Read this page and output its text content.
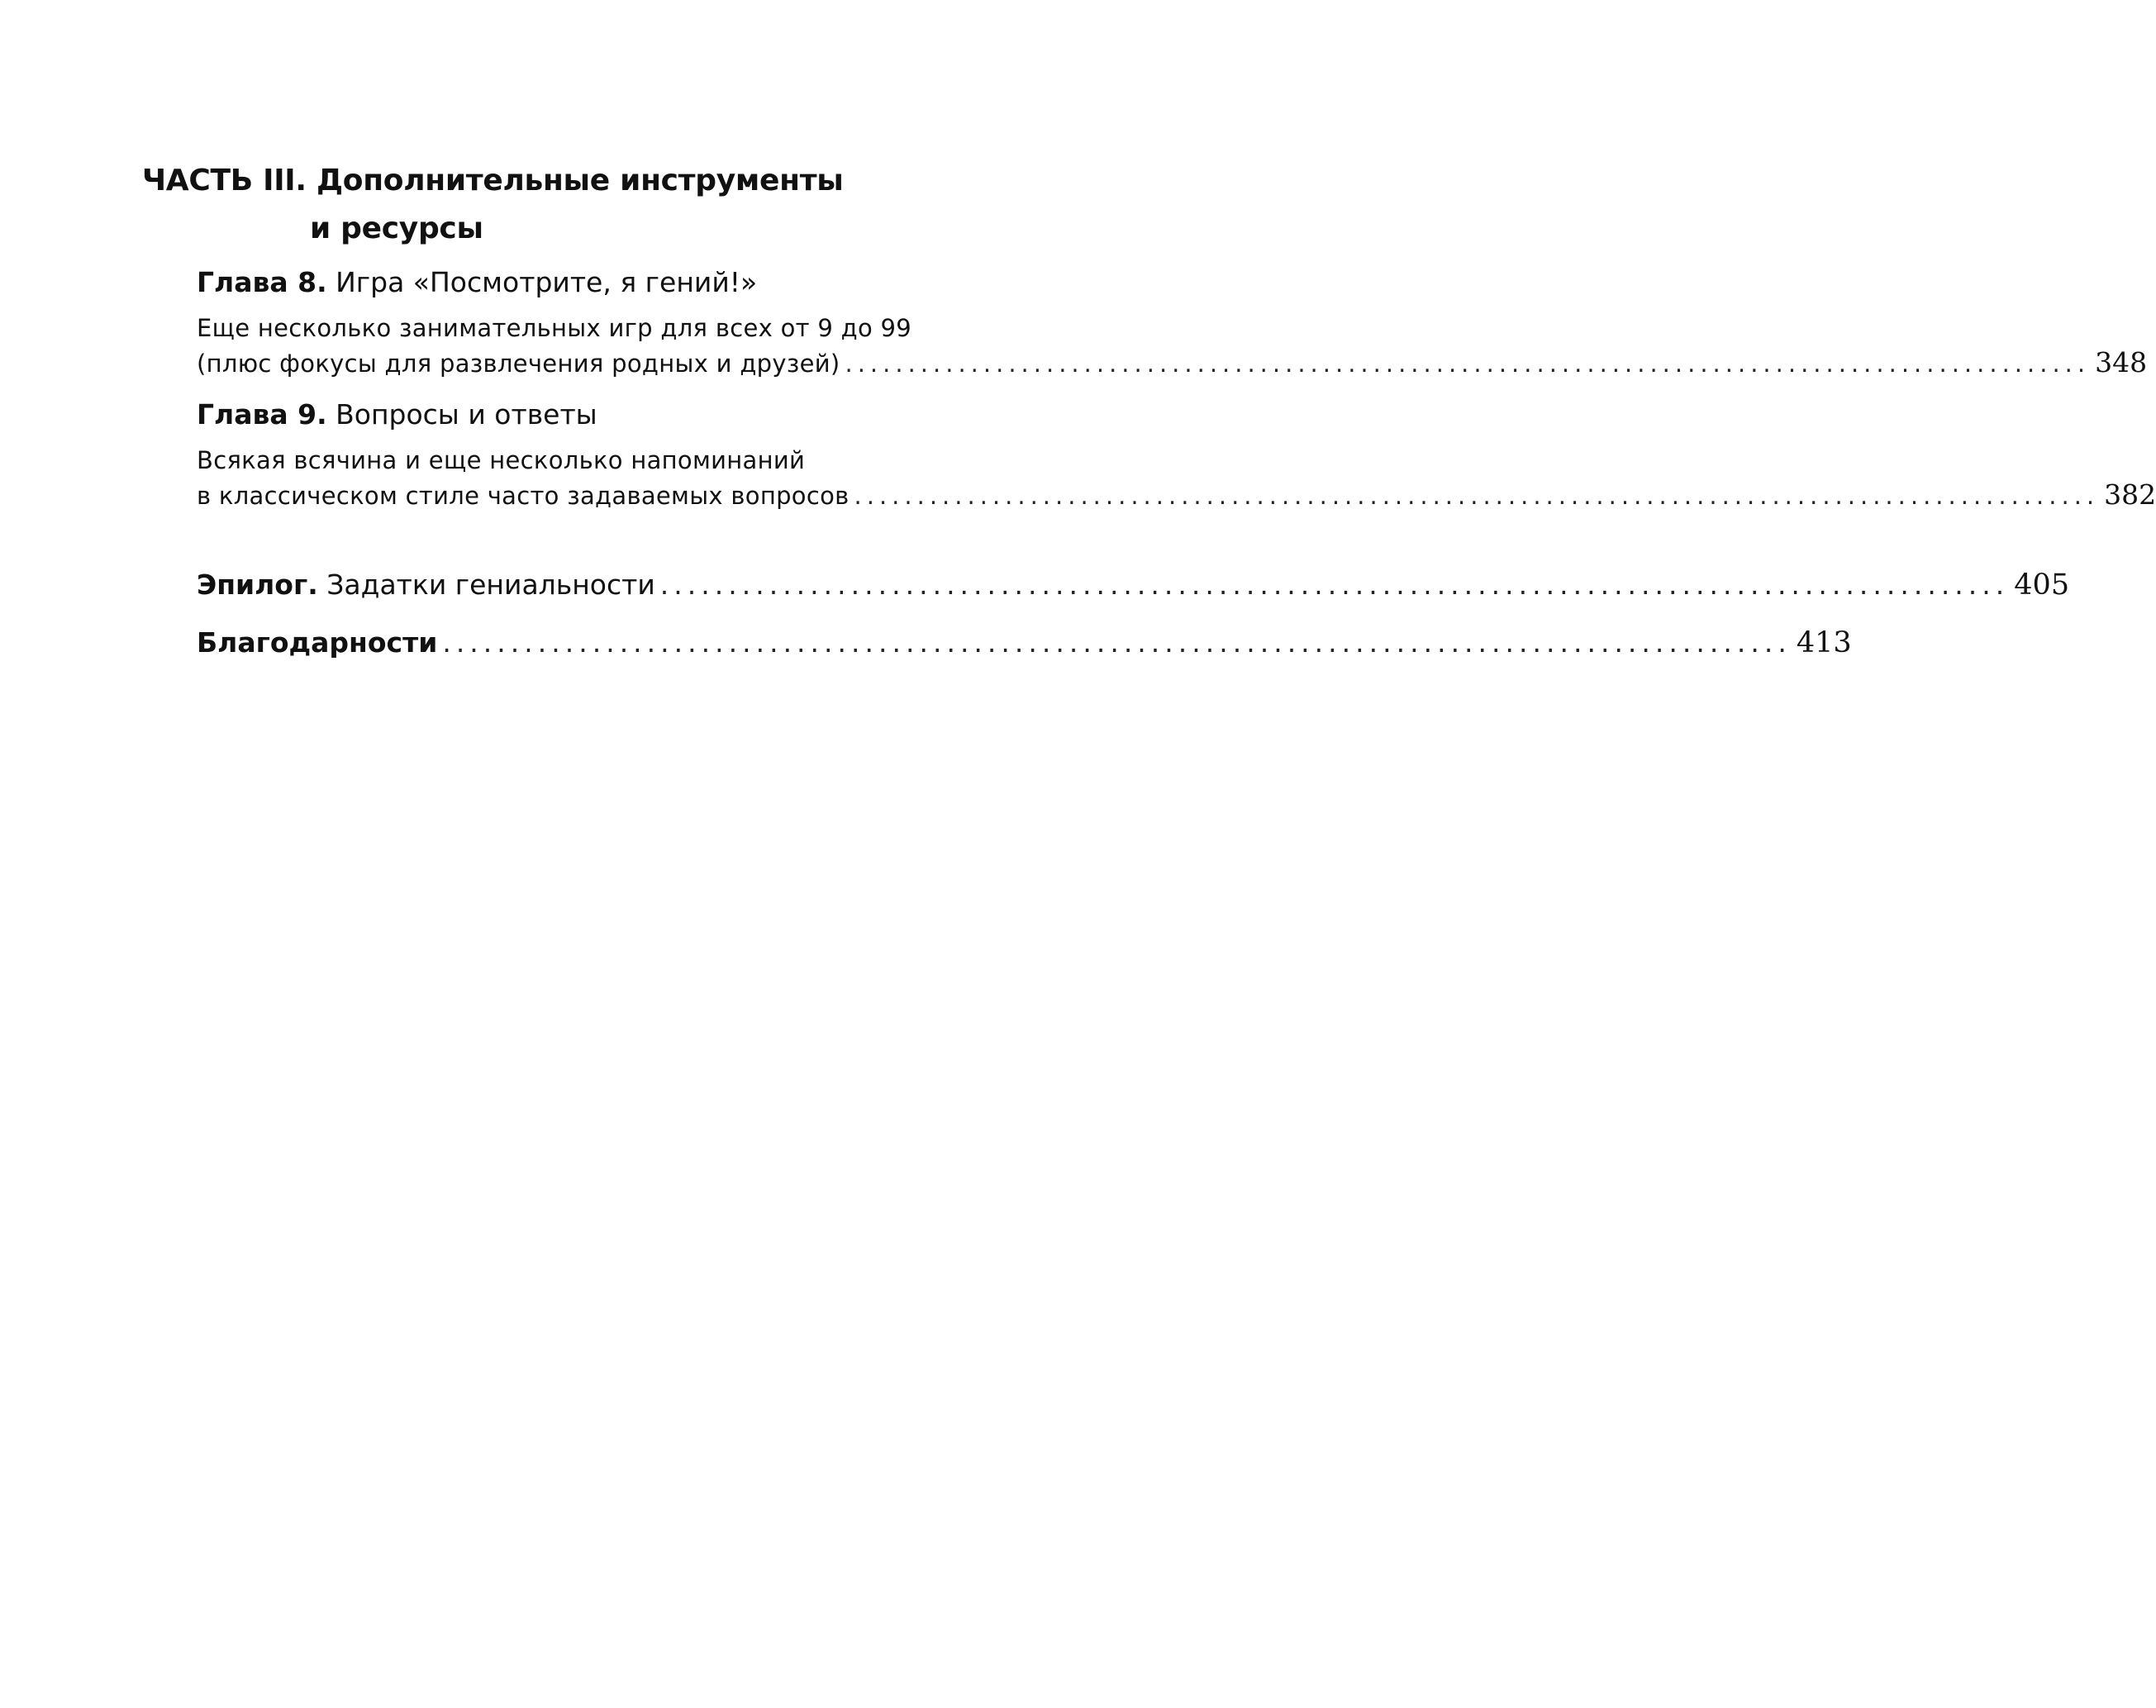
ЧАСТЬ III. Дополнительные инструменты
и ресурсы
Глава 8. Игра «Посмотрите, я гений!»
Еще несколько занимательных игр для всех от 9 до 99
(плюс фокусы для развлечения родных и друзей) ................................................................................................... 348
Глава 9. Вопросы и ответы
Всякая всячина и еще несколько напоминаний
в классическом стиле часто задаваемых вопросов ................................................................................................... 382
Эпилог. Задатки гениальности ................................................................................................... 405
Благодарности ................................................................................................... 413
